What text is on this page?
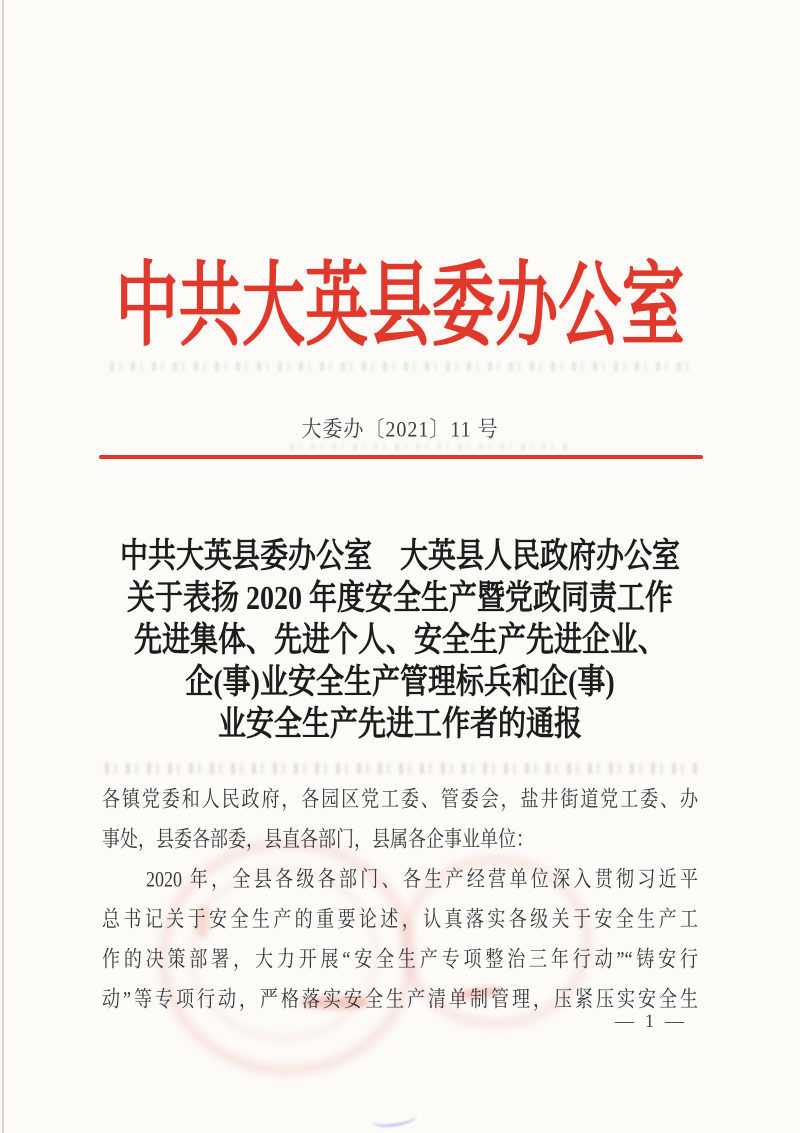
中共大英县委办公室
大委办〔2021〕11 号
中共大英县委办公室　大英县人民政府办公室
关于表扬 2020 年度安全生产暨党政同责工作
先进集体、先进个人、安全生产先进企业、
企(事)业安全生产管理标兵和企(事)
业安全生产先进工作者的通报
各镇党委和人民政府，各园区党工委、管委会，盐井街道党工委、办
事处，县委各部委，县直各部门，县属各企事业单位：
2020 年，全县各级各部门、各生产经营单位深入贯彻习近平
总书记关于安全生产的重要论述，认真落实各级关于安全生产工
作的决策部署，大力开展“安全生产专项整治三年行动”“铸安行
动”等专项行动，严格落实安全生产清单制管理，压紧压实安全生
— 1 —
